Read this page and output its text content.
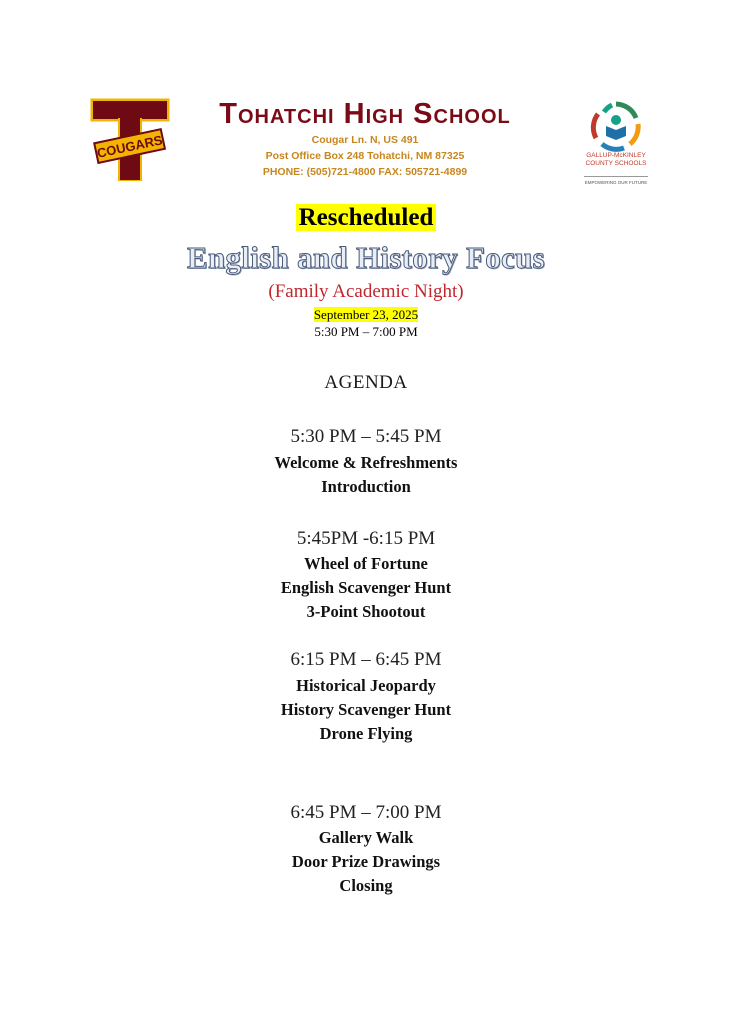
COUGARS
Tohatchi High School
Cougar Ln. N, US 491
Post Office Box 248 Tohatchi, NM 87325
PHONE: (505)721-4800 FAX: 505721-4899
GALLUP-McKINLEY
COUNTY SCHOOLS
EMPOWERING OUR FUTURE
Rescheduled
English and History Focus
(Family Academic Night)
September 23, 2025
5:30 PM – 7:00 PM
AGENDA
5:30 PM – 5:45 PM
Welcome & Refreshments
Introduction
5:45PM -6:15 PM
Wheel of Fortune
English Scavenger Hunt
3-Point Shootout
6:15 PM – 6:45 PM
Historical Jeopardy
History Scavenger Hunt
Drone Flying
6:45 PM – 7:00 PM
Gallery Walk
Door Prize Drawings
Closing
